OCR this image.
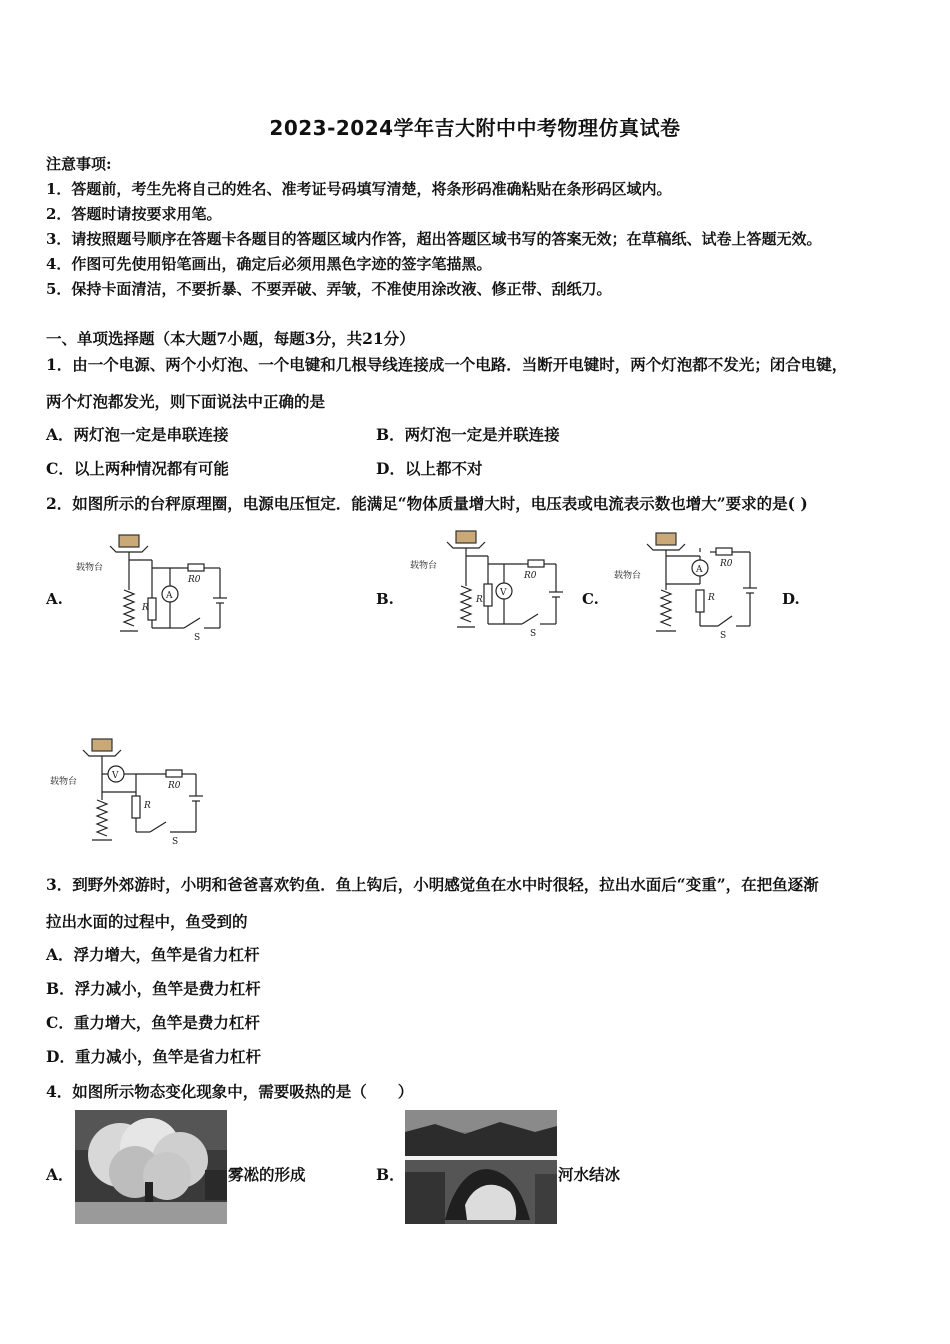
2023-2024学年吉大附中中考物理仿真试卷
注意事项:
1．答题前，考生先将自己的姓名、准考证号码填写清楚，将条形码准确粘贴在条形码区域内。
2．答题时请按要求用笔。
3．请按照题号顺序在答题卡各题目的答题区域内作答，超出答题区域书写的答案无效；在草稿纸、试卷上答题无效。
4．作图可先使用铅笔画出，确定后必须用黑色字迹的签字笔描黑。
5．保持卡面清洁，不要折暴、不要弄破、弄皱，不准使用涂改液、修正带、刮纸刀。
一、单项选择题（本大题7小题，每题3分，共21分）
1．由一个电源、两个小灯泡、一个电键和几根导线连接成一个电路．当断开电键时，两个灯泡都不发光；闭合电键，
两个灯泡都发光，则下面说法中正确的是
A．两灯泡一定是串联连接	B．两灯泡一定是并联连接
C．以上两种情况都有可能	D．以上都不对
2．如图所示的台秤原理圈，电源电压恒定．能满足“物体质量增大时，电压表或电流表示数也增大”要求的是( )
A.	B.	C.	D.
载物台
R
A
R0
S
载物台
R
V
R0
S
载物台
R
A
R0
S
载物台
R
V
R0
S
3．到野外郊游时，小明和爸爸喜欢钓鱼．鱼上钩后，小明感觉鱼在水中时很轻，拉出水面后“变重”，在把鱼逐渐
拉出水面的过程中，鱼受到的
A．浮力增大，鱼竿是省力杠杆
B．浮力减小，鱼竿是费力杠杆
C．重力增大，鱼竿是费力杠杆
D．重力减小，鱼竿是省力杠杆
4．如图所示物态变化现象中，需要吸热的是（　　）
A．	雾凇的形成	B．	河水结冰
